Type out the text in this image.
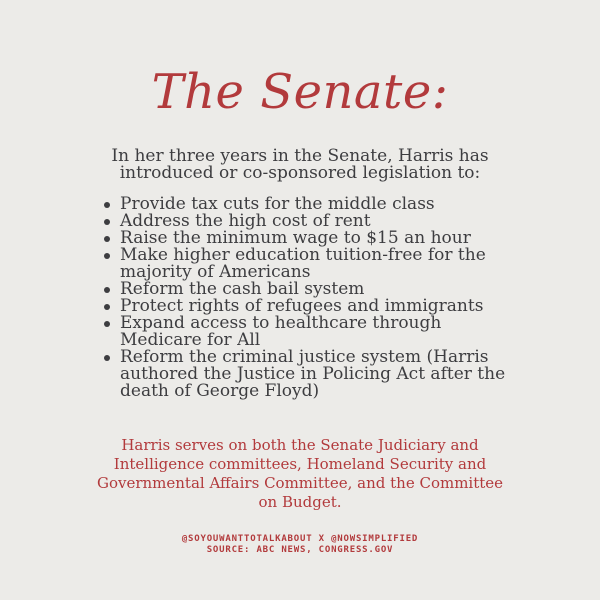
The Senate:
In her three years in the Senate, Harris has introduced or co-sponsored legislation to:
Provide tax cuts for the middle class
Address the high cost of rent
Raise the minimum wage to $15 an hour
Make higher education tuition-free for the majority of Americans
Reform the cash bail system
Protect rights of refugees and immigrants
Expand access to healthcare through Medicare for All
Reform the criminal justice system (Harris authored the Justice in Policing Act after the death of George Floyd)
Harris serves on both the Senate Judiciary and Intelligence committees, Homeland Security and Governmental Affairs Committee, and the Committee on Budget.
@SOYOUWANTTOTALKABOUT X @NOWSIMPLIFIED
SOURCE: ABC NEWS, CONGRESS.GOV
